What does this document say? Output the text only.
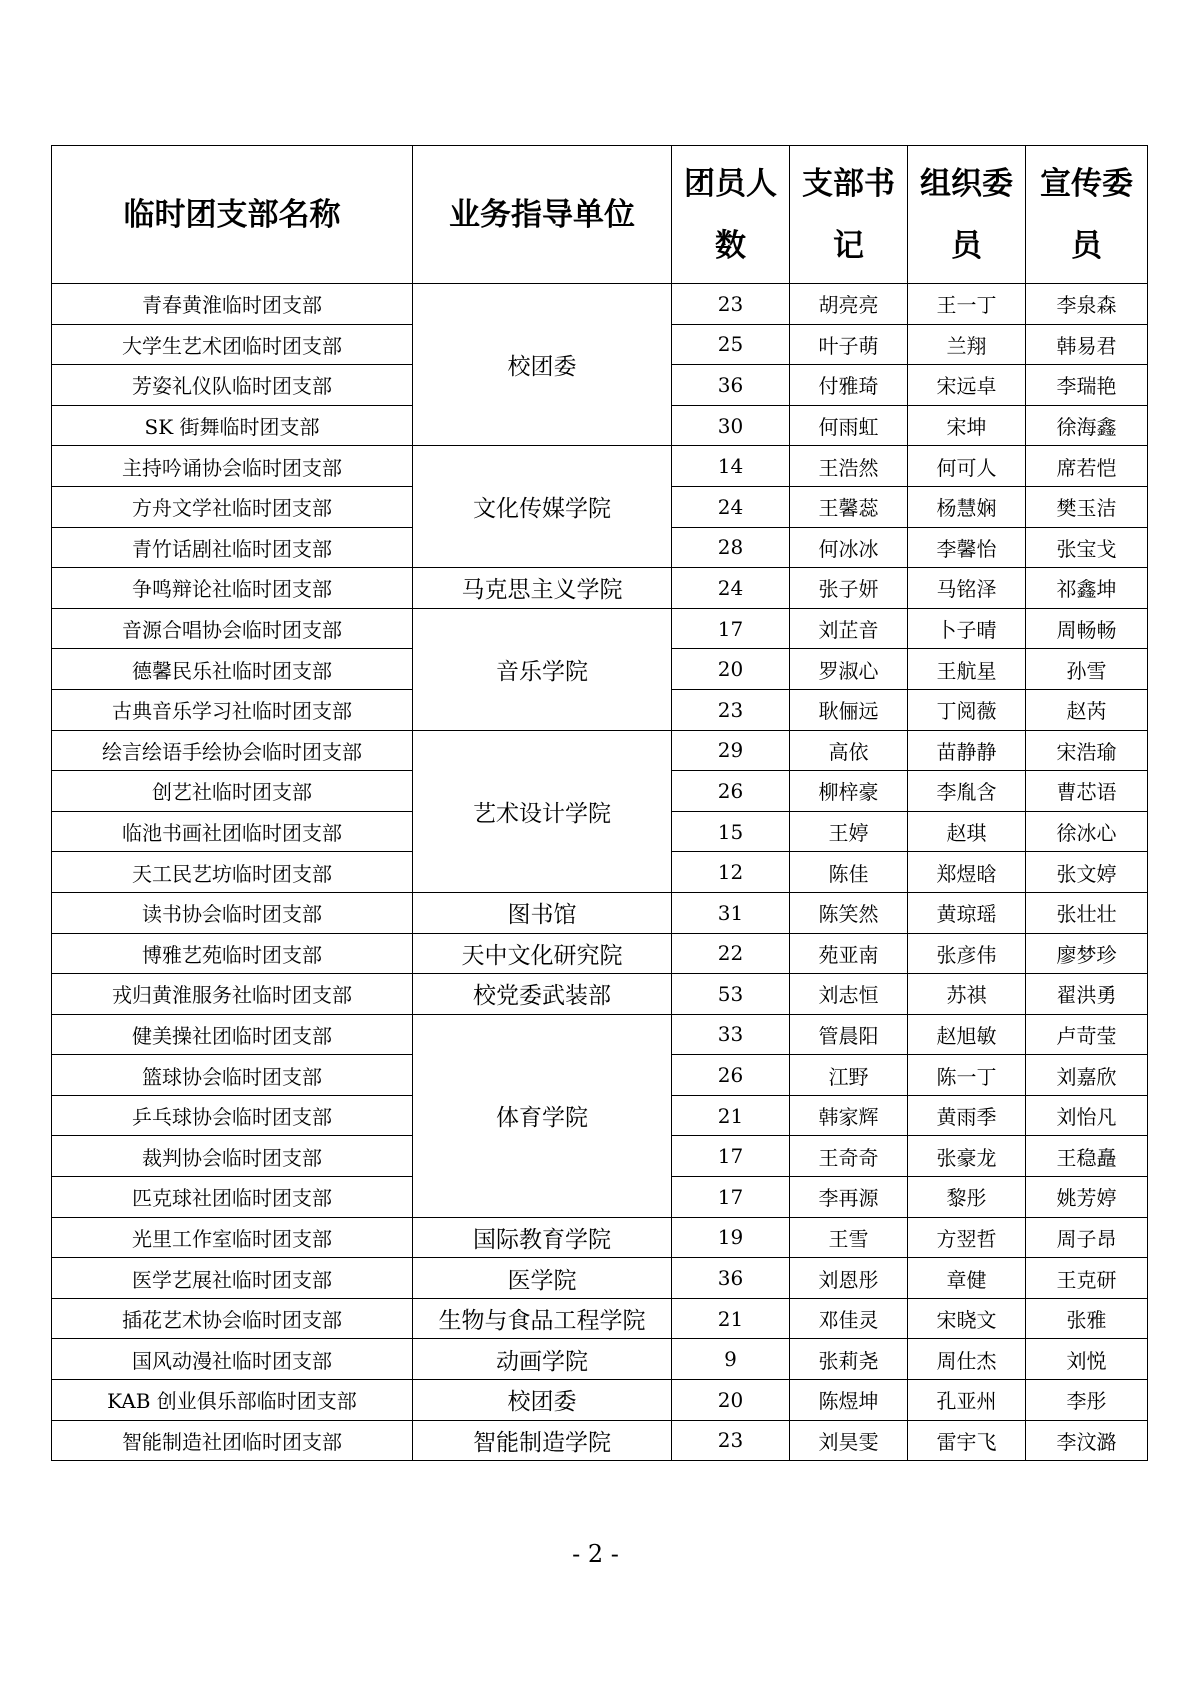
临时团支部名称	业务指导单位	团员人数	支部书记	组织委员	宣传委员
青春黄淮临时团支部	校团委	23	胡亮亮	王一丁	李泉森
大学生艺术团临时团支部		25	叶子萌	兰翔	韩易君
芳姿礼仪队临时团支部		36	付雅琦	宋远卓	李瑞艳
SK 街舞临时团支部		30	何雨虹	宋坤	徐海鑫
主持吟诵协会临时团支部	文化传媒学院	14	王浩然	何可人	席若恺
方舟文学社临时团支部		24	王馨蕊	杨慧娴	樊玉洁
青竹话剧社临时团支部		28	何冰冰	李馨怡	张宝戈
争鸣辩论社临时团支部	马克思主义学院	24	张子妍	马铭泽	祁鑫坤
音源合唱协会临时团支部	音乐学院	17	刘芷音	卜子晴	周畅畅
德馨民乐社临时团支部		20	罗淑心	王航星	孙雪
古典音乐学习社临时团支部		23	耿俪远	丁阅薇	赵芮
绘言绘语手绘协会临时团支部	艺术设计学院	29	高依	苗静静	宋浩瑜
创艺社临时团支部		26	柳梓豪	李胤含	曹芯语
临池书画社团临时团支部		15	王婷	赵琪	徐冰心
天工民艺坊临时团支部		12	陈佳	郑煜晗	张文婷
读书协会临时团支部	图书馆	31	陈笑然	黄琼瑶	张壮壮
博雅艺苑临时团支部	天中文化研究院	22	苑亚南	张彦伟	廖梦珍
戎归黄淮服务社临时团支部	校党委武装部	53	刘志恒	苏祺	翟洪勇
健美操社团临时团支部	体育学院	33	管晨阳	赵旭敏	卢苛莹
篮球协会临时团支部		26	江野	陈一丁	刘嘉欣
乒乓球协会临时团支部		21	韩家辉	黄雨季	刘怡凡
裁判协会临时团支部		17	王奇奇	张豪龙	王稳矗
匹克球社团临时团支部		17	李再源	黎彤	姚芳婷
光里工作室临时团支部	国际教育学院	19	王雪	方翌哲	周子昂
医学艺展社临时团支部	医学院	36	刘恩彤	章健	王克研
插花艺术协会临时团支部	生物与食品工程学院	21	邓佳灵	宋晓文	张雅
国风动漫社临时团支部	动画学院	9	张莉尧	周仕杰	刘悦
KAB 创业俱乐部临时团支部	校团委	20	陈煜坤	孔亚州	李彤
智能制造社团临时团支部	智能制造学院	23	刘昊雯	雷宇飞	李汶潞
- 2 -
